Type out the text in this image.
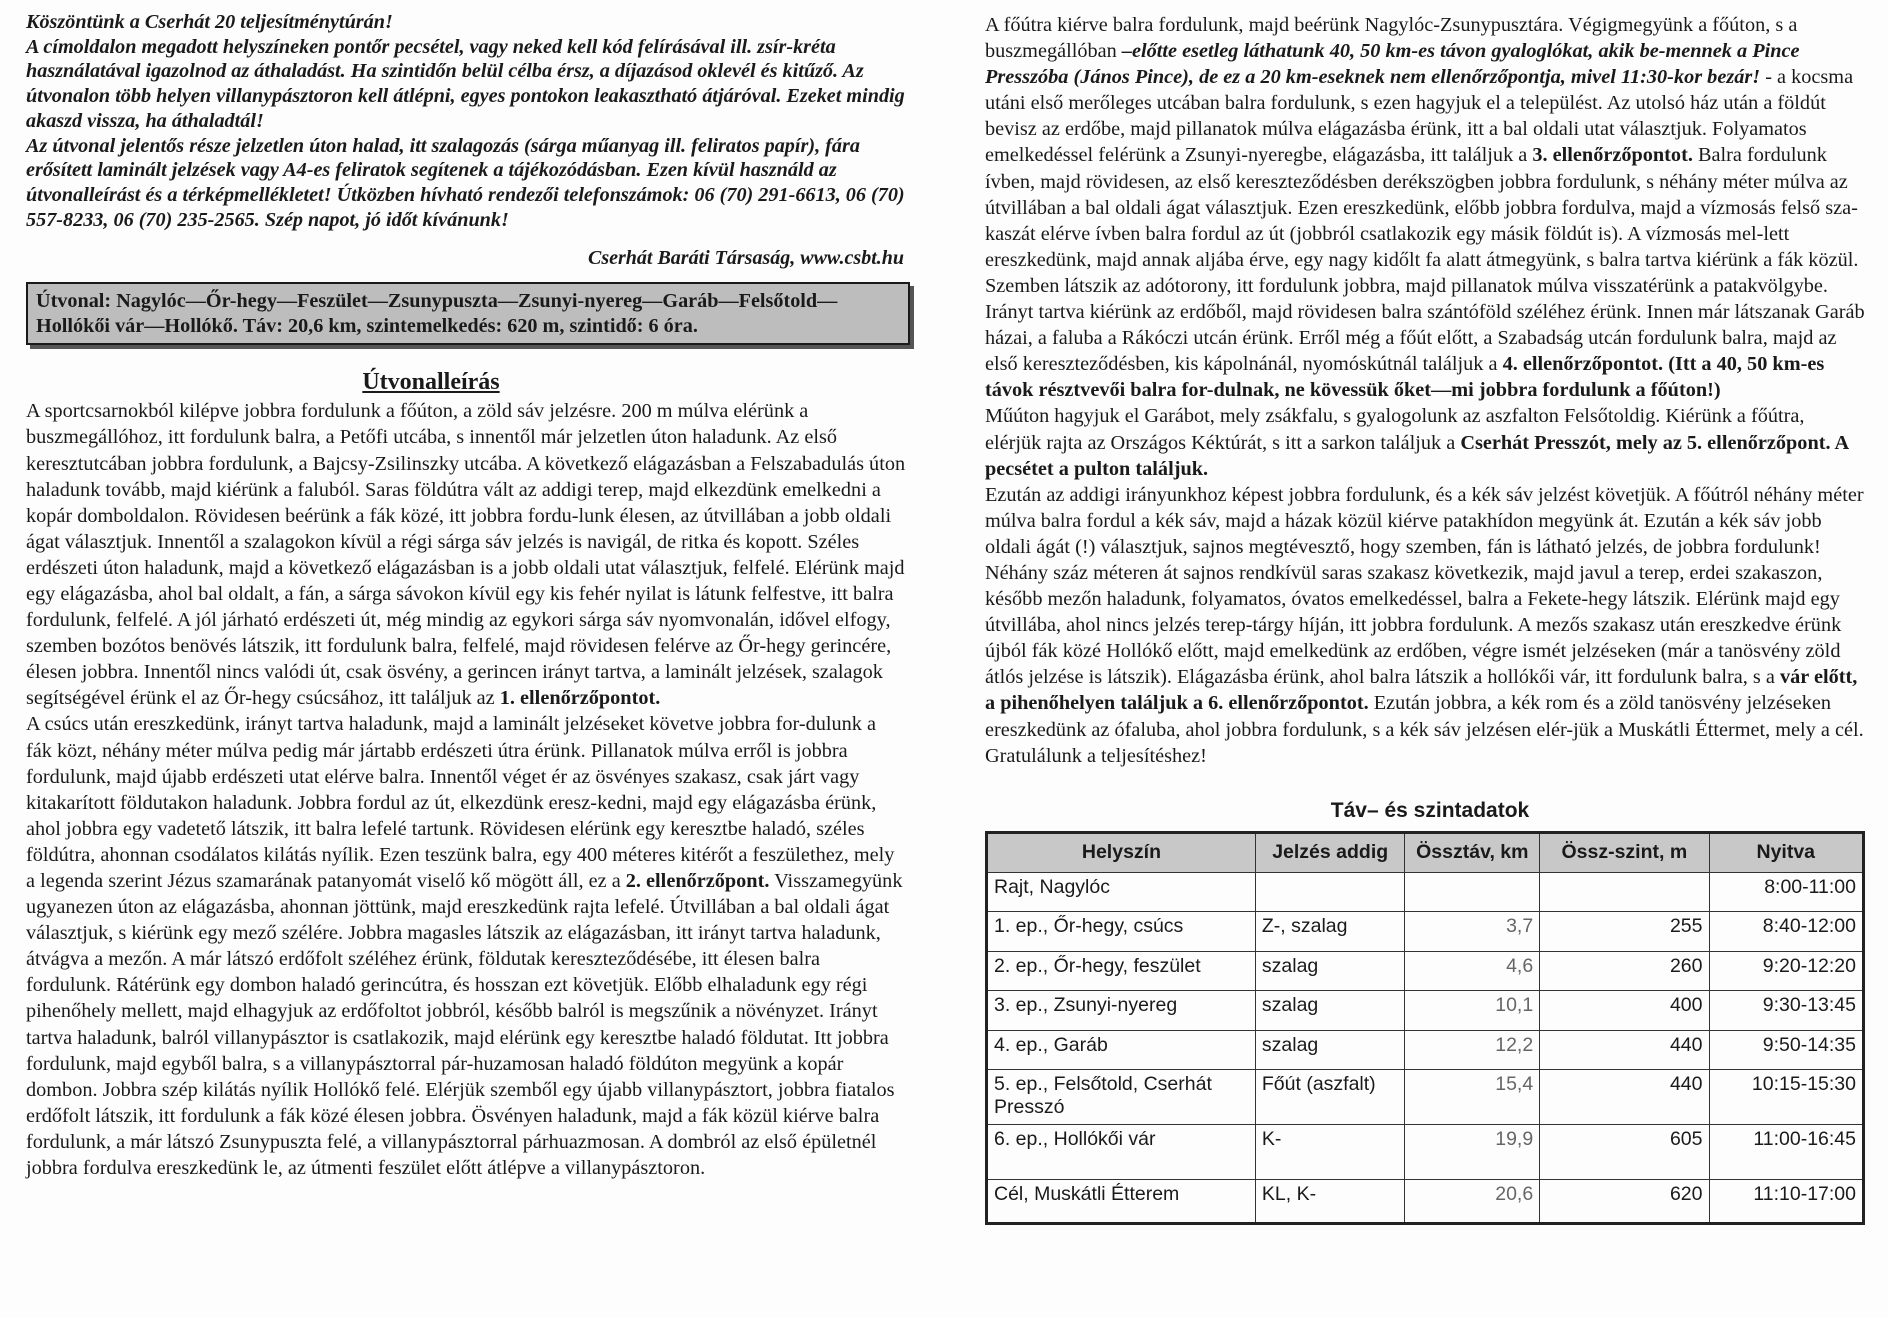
Köszöntünk a Cserhát 20 teljesítménytúrán!

A címoldalon megadott helyszíneken pontőr pecsétel, vagy neked kell kód felírásával ill. zsír-kréta használatával igazolnod az áthaladást. Ha szintidőn belül célba érsz, a díjazásod oklevél és kitűző. Az útvonalon több helyen villanypásztoron kell átlépni, egyes pontokon leakasztható átjáróval. Ezeket mindig akaszd vissza, ha áthaladtál!

Az útvonal jelentős része jelzetlen úton halad, itt szalagozás (sárga műanyag ill. feliratos papír), fára erősített laminált jelzések vagy A4-es feliratok segítenek a tájékozódásban. Ezen kívül használd az útvonalleírást és a térképmellékletet! Útközben hívható rendezői telefonszámok: 06 (70) 291-6613, 06 (70) 557-8233, 06 (70) 235-2565. Szép napot, jó időt kívánunk!

Cserhát Baráti Társaság, www.csbt.hu
Útvonal: Nagylóc—Őr-hegy—Feszület—Zsunypuszta—Zsunyi-nyereg—Garáb—Felsőtold—Hollókői vár—Hollókő. Táv: 20,6 km, szintemelkedés: 620 m, szintidő: 6 óra.
Útvonalleírás

A sportcsarnokból kilépve jobbra fordulunk a főúton, a zöld sáv jelzésre. 200 m múlva elérünk a buszmegállóhoz, itt fordulunk balra, a Petőfi utcába, s innentől már jelzetlen úton haladunk. Az első keresztutcában jobbra fordulunk, a Bajcsy-Zsilinszky utcába. A következő elágazásban a Felszabadulás úton haladunk tovább, majd kiérünk a faluból. Saras földútra vált az addigi terep, majd elkezdünk emelkedni a kopár domboldalon. Rövidesen beérünk a fák közé, itt jobbra fordu-lunk élesen, az útvillában a jobb oldali ágat választjuk. Innentől a szalagokon kívül a régi sárga sáv jelzés is navigál, de ritka és kopott. Széles erdészeti úton haladunk, majd a következő elágazásban is a jobb oldali utat választjuk, felfelé. Elérünk majd egy elágazásba, ahol bal oldalt, a fán, a sárga sávokon kívül egy kis fehér nyilat is látunk felfestve, itt balra fordulunk, felfelé. A jól járható erdészeti út, még mindig az egykori sárga sáv nyomvonalán, idővel elfogy, szemben bozótos benövés látszik, itt fordulunk balra, felfelé, majd rövidesen felérve az Őr-hegy gerincére, élesen jobbra. Innentől nincs valódi út, csak ösvény, a gerincen irányt tartva, a laminált jelzések, szalagok segítségével érünk el az Őr-hegy csúcsához, itt találjuk az 1. ellenőrzőpontot.

A csúcs után ereszkedünk, irányt tartva haladunk, majd a laminált jelzéseket követve jobbra for-dulunk a fák közt, néhány méter múlva pedig már jártabb erdészeti útra érünk. Pillanatok múlva erről is jobbra fordulunk, majd újabb erdészeti utat elérve balra. Innentől véget ér az ösvényes szakasz, csak járt vagy kitakarított földutakon haladunk. Jobbra fordul az út, elkezdünk eresz-kedni, majd egy elágazásba érünk, ahol jobbra egy vadetető látszik, itt balra lefelé tartunk. Rövidesen elérünk egy keresztbe haladó, széles földútra, ahonnan csodálatos kilátás nyílik. Ezen teszünk balra, egy 400 méteres kitérőt a feszülethez, mely a legenda szerint Jézus szamarának patanyomát viselő kő mögött áll, ez a 2. ellenőrzőpont. Visszamegyünk ugyanezen úton az elágazásba, ahonnan jöttünk, majd ereszkedünk rajta lefelé. Útvillában a bal oldali ágat választjuk, s kiérünk egy mező szélére. Jobbra magasles látszik az elágazásban, itt irányt tartva haladunk, átvágva a mezőn. A már látszó erdőfolt széléhez érünk, földutak kereszteződésébe, itt élesen balra fordulunk. Rátérünk egy dombon haladó gerincútra, és hosszan ezt követjük. Előbb elhaladunk egy régi pihenőhely mellett, majd elhagyjuk az erdőfoltot jobbról, később balról is megszűnik a növényzet. Irányt tartva haladunk, balról villanypásztor is csatlakozik, majd elérünk egy keresztbe haladó földutat. Itt jobbra fordulunk, majd egyből balra, s a villanypásztorral pár-huzamosan haladó földúton megyünk a kopár dombon. Jobbra szép kilátás nyílik Hollókő felé. Elérjük szemből egy újabb villanypásztort, jobbra fiatalos erdőfolt látszik, itt fordulunk a fák közé élesen jobbra. Ösvényen haladunk, majd a fák közül kiérve balra fordulunk, a már látszó Zsunypuszta felé, a villanypásztorral párhuazmosan. A dombról az első épületnél jobbra fordulva ereszkedünk le, az útmenti feszület előtt átlépve a villanypásztoron.

A főútra kiérve balra fordulunk, majd beérünk Nagylóc-Zsunypusztára. Végigmegyünk a főúton, s a buszmegállóban –előtte esetleg láthatunk 40, 50 km-es távon gyaloglókat, akik be-mennek a Pince Presszóba (János Pince), de ez a 20 km-eseknek nem ellenőrzőpontja, mivel 11:30-kor bezár! - a kocsma utáni első merőleges utcában balra fordulunk, s ezen hagyjuk el a települést. Az utolsó ház után a földút bevisz az erdőbe, majd pillanatok múlva elágazásba érünk, itt a bal oldali utat választjuk. Folyamatos emelkedéssel felérünk a Zsunyi-nyeregbe, elágazásba, itt találjuk a 3. ellenőrzőpontot. Balra fordulunk ívben, majd rövidesen, az első kereszteződésben derékszögben jobbra fordulunk, s néhány méter múlva az útvillában a bal oldali ágat választjuk. Ezen ereszkedünk, előbb jobbra fordulva, majd a vízmosás felső sza-kaszát elérve ívben balra fordul az út (jobbról csatlakozik egy másik földút is). A vízmosás mel-lett ereszkedünk, majd annak aljába érve, egy nagy kidőlt fa alatt átmegyünk, s balra tartva kiérünk a fák közül. Szemben látszik az adótorony, itt fordulunk jobbra, majd pillanatok múlva visszatérünk a patakvölgybe. Irányt tartva kiérünk az erdőből, majd rövidesen balra szántóföld széléhez érünk. Innen már látszanak Garáb házai, a faluba a Rákóczi utcán érünk. Erről még a főút előtt, a Szabadság utcán fordulunk balra, majd az első kereszteződésben, kis kápolnánál, nyomóskútnál találjuk a 4. ellenőrzőpontot. (Itt a 40, 50 km-es távok résztvevői balra for-dulnak, ne kövessük őket—mi jobbra fordulunk a főúton!)

Műúton hagyjuk el Garábot, mely zsákfalu, s gyalogolunk az aszfalton Felsőtoldig. Kiérünk a főútra, elérjük rajta az Országos Kéktúrát, s itt a sarkon találjuk a Cserhát Presszót, mely az 5. ellenőrzőpont. A pecsétet a pulton találjuk.

Ezután az addigi irányunkhoz képest jobbra fordulunk, és a kék sáv jelzést követjük. A főútról néhány méter múlva balra fordul a kék sáv, majd a házak közül kiérve patakhídon megyünk át. Ezután a kék sáv jobb oldali ágát (!) választjuk, sajnos megtévesztő, hogy szemben, fán is látható jelzés, de jobbra fordulunk! Néhány száz méteren át sajnos rendkívül saras szakasz következik, majd javul a terep, erdei szakaszon, később mezőn haladunk, folyamatos, óvatos emelkedéssel, balra a Fekete-hegy látszik. Elérünk majd egy útvillába, ahol nincs jelzés terep-tárgy híján, itt jobbra fordulunk. A mezős szakasz után ereszkedve érünk újból fák közé Hollókő előtt, majd emelkedünk az erdőben, végre ismét jelzéseken (már a tanösvény zöld átlós jelzése is látszik). Elágazásba érünk, ahol balra látszik a hollókői vár, itt fordulunk balra, s a vár előtt, a pihenőhelyen találjuk a 6. ellenőrzőpontot. Ezután jobbra, a kék rom és a zöld tanösvény jelzéseken ereszkedünk az ófaluba, ahol jobbra fordulunk, s a kék sáv jelzésen elér-jük a Muskátli Éttermet, mely a cél. Gratulálunk a teljesítéshez!

Táv– és szintadatok
Helyszín	Jelzés addig	Össztáv, km	Össz-szint, m	Nyitva
Rajt, Nagylóc				8:00-11:00
1. ep., Őr-hegy, csúcs	Z-, szalag	3,7	255	8:40-12:00
2. ep., Őr-hegy, feszület	szalag	4,6	260	9:20-12:20
3. ep., Zsunyi-nyereg	szalag	10,1	400	9:30-13:45
4. ep., Garáb	szalag	12,2	440	9:50-14:35
5. ep., Felsőtold, Cserhát Presszó	Főút (aszfalt)	15,4	440	10:15-15:30
6. ep., Hollókői vár	K-	19,9	605	11:00-16:45
Cél, Muskátli Étterem	KL, K-	20,6	620	11:10-17:00
